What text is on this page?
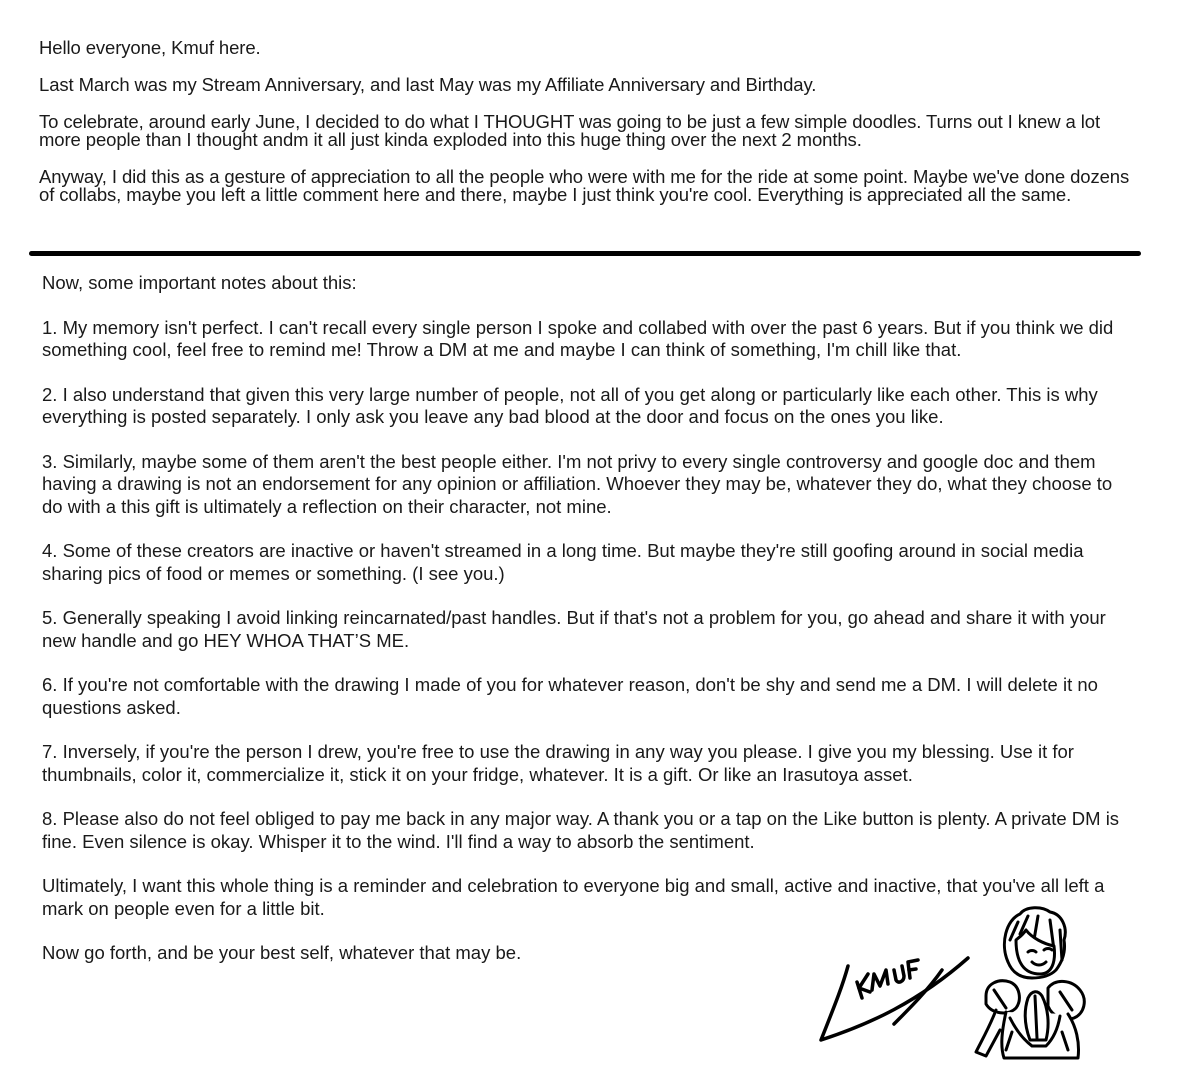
Hello everyone, Kmuf here.

Last March was my Stream Anniversary, and last May was my Affiliate Anniversary and Birthday.

To celebrate, around early June, I decided to do what I THOUGHT was going to be just a few simple doodles. Turns out I knew a lot more people than I thought andm it all just kinda exploded into this huge thing over the next 2 months.

Anyway, I did this as a gesture of appreciation to all the people who were with me for the ride at some point. Maybe we've done dozens of collabs, maybe you left a little comment here and there, maybe I just think you're cool. Everything is appreciated all the same.

Now, some important notes about this:

1. My memory isn't perfect. I can't recall every single person I spoke and collabed with over the past 6 years. But if you think we did something cool, feel free to remind me! Throw a DM at me and maybe I can think of something, I'm chill like that.

2. I also understand that given this very large number of people, not all of you get along or particularly like each other. This is why everything is posted separately. I only ask you leave any bad blood at the door and focus on the ones you like.

3. Similarly, maybe some of them aren't the best people either. I'm not privy to every single controversy and google doc and them having a drawing is not an endorsement for any opinion or affiliation. Whoever they may be, whatever they do, what they choose to do with a this gift is ultimately a reflection on their character, not mine.

4. Some of these creators are inactive or haven't streamed in a long time. But maybe they're still goofing around in social media sharing pics of food or memes or something. (I see you.)

5. Generally speaking I avoid linking reincarnated/past handles. But if that's not a problem for you, go ahead and share it with your new handle and go HEY WHOA THAT’S ME.

6. If you're not comfortable with the drawing I made of you for whatever reason, don't be shy and send me a DM. I will delete it no questions asked.

7. Inversely, if you're the person I drew, you're free to use the drawing in any way you please. I give you my blessing. Use it for thumbnails, color it, commercialize it, stick it on your fridge, whatever. It is a gift. Or like an Irasutoya asset.

8. Please also do not feel obliged to pay me back in any major way. A thank you or a tap on the Like button is plenty. A private DM is fine. Even silence is okay. Whisper it to the wind. I'll find a way to absorb the sentiment.

Ultimately, I want this whole thing is a reminder and celebration to everyone big and small, active and inactive, that you've all left a mark on people even for a little bit.

Now go forth, and be your best self, whatever that may be.
